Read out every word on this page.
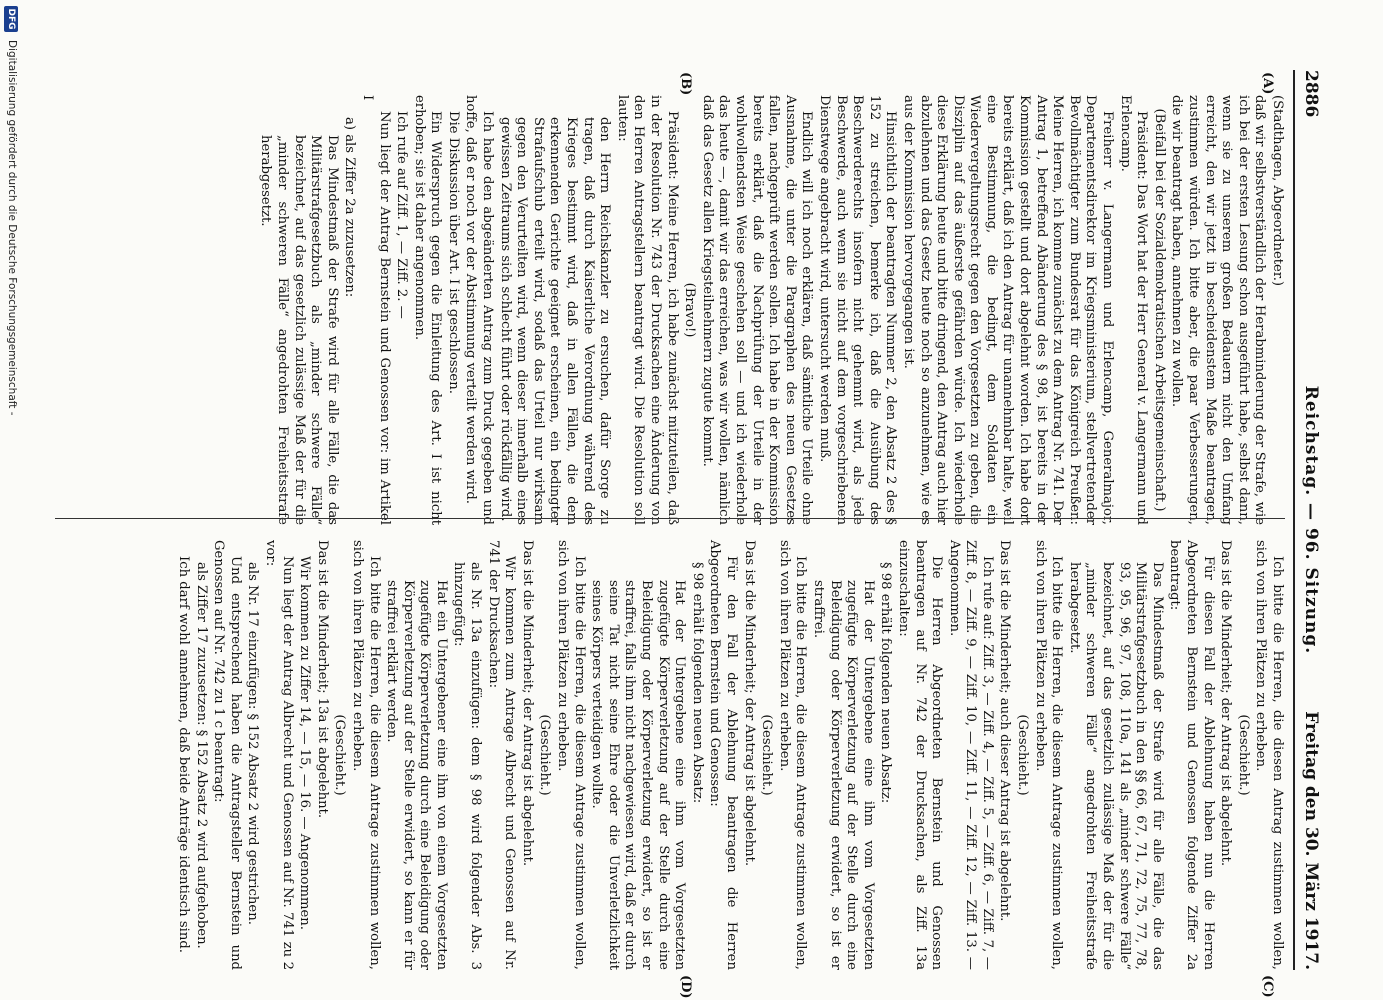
2886
Reichstag. — 96. Sitzung.
Freitag den 30. März 1917.
(A)
(B)
(C)
(D)

(Stadthagen, Abgeordneter.)

daß wir selbstverständlich der Herabminderung der Strafe, wie ich bei der ersten Lesung schon ausgeführt habe, selbst dann, wenn sie zu unserem großen Bedauern nicht den Umfang erreicht, den wir jetzt in bescheidenstem Maße beantragen, zustimmen würden. Ich bitte aber, die paar Verbesserungen, die wir beantragt haben, annehmen zu wollen.

(Beifall bei der Sozialdemokratischen Arbeitsgemeinschaft.)

Präsident: Das Wort hat der Herr General v. Langermann und Erlencamp.

Freiherr v. Langermann und Erlencamp, Generalmajor, Departementsdirektor im Kriegsministerium, stellvertretender Bevollmächtigter zum Bundesrat für das Königreich Preußen: Meine Herren, ich komme zunächst zu dem Antrag Nr. 741. Der Antrag 1, betreffend Abänderung des § 98, ist bereits in der Kommission gestellt und dort abgelehnt worden. Ich habe dort bereits erklärt, daß ich den Antrag für unannehmbar halte, weil eine Bestimmung, die bedingt, dem Soldaten ein Wiedervergeltungsrecht gegen den Vorgesetzten zu geben, die Disziplin auf das äußerste gefährden würde. Ich wiederhole diese Erklärung heute und bitte dringend, den Antrag auch hier abzulehnen und das Gesetz heute noch so anzunehmen, wie es aus der Kommission hervorgegangen ist.

Hinsichtlich der beantragten Nummer 2, den Absatz 2 des § 152 zu streichen, bemerke ich, daß die Ausübung des Beschwerderechts insofern nicht gehemmt wird, als jede Beschwerde, auch wenn sie nicht auf dem vorgeschriebenen Dienstwege angebracht wird, untersucht werden muß.

Endlich will ich noch erklären, daß sämtliche Urteile ohne Ausnahme, die unter die Paragraphen des neuen Gesetzes fallen, nachgeprüft werden sollen. Ich habe in der Kommission bereits erklärt, daß die Nachprüfung der Urteile in der wohlwollendsten Weise geschehen soll — und ich wiederhole das heute —, damit wir das erreichen, was wir wollen, nämlich daß das Gesetz allen Kriegsteilnehmern zugute kommt.

(Bravo!)

Präsident: Meine Herren, ich habe zunächst mitzuteilen, daß in der Resolution Nr. 743 der Drucksachen eine Änderung von den Herren Antragstellern beantragt wird. Die Resolution soll lauten:

den Herrn Reichskanzler zu ersuchen, dafür Sorge zu tragen, daß durch Kaiserliche Verordnung während des Krieges bestimmt wird, daß in allen Fällen, die dem erkennenden Gerichte geeignet erscheinen, ein bedingter Strafaufschub erteilt wird, sodaß das Urteil nur wirksam gegen den Verurteilten wird, wenn dieser innerhalb eines gewissen Zeitraums sich schlecht führt oder rückfällig wird.

Ich habe den abgeänderten Antrag zum Druck gegeben und hoffe, daß er noch vor der Abstimmung verteilt werden wird.

Die Diskussion über Art. I ist geschlossen.

Ein Widerspruch gegen die Einleitung des Art. I ist nicht erhoben; sie ist daher angenommen.

Ich rufe auf Ziff. 1, — Ziff. 2. —

Nun liegt der Antrag Bernstein und Genossen vor: im Artikel I

a) als Ziffer 2a zuzusetzen:

Das Mindestmaß der Strafe wird für alle Fälle, die das Militärstrafgesetzbuch als „minder schwere Fälle“ bezeichnet, auf das gesetzlich zulässige Maß der für die „minder schweren Fälle“ angedrohten Freiheitsstrafe herabgesetzt.

Ich bitte die Herren, die diesen Antrag zustimmen wollen, sich von ihren Plätzen zu erheben.

(Geschieht.)

Das ist die Minderheit; der Antrag ist abgelehnt.

Für diesen Fall der Ablehnung haben nun die Herren Abgeordneten Bernstein und Genossen folgende Ziffer 2a beantragt:

Das Mindestmaß der Strafe wird für alle Fälle, die das Militärstrafgesetzbuch in den §§ 66, 67, 71, 72, 75, 77, 78, 93, 95, 96, 97, 108, 110a, 141 als „minder schwere Fälle“ bezeichnet, auf das gesetzlich zulässige Maß der für die „minder schweren Fälle“ angedrohten Freiheitsstrafe herabgesetzt.

Ich bitte die Herren, die diesem Antrage zustimmen wollen, sich von ihren Plätzen zu erheben.

(Geschieht.)

Das ist die Minderheit; auch dieser Antrag ist abgelehnt.

Ich rufe auf: Ziff. 3, — Ziff. 4, — Ziff. 5, — Ziff. 6, — Ziff. 7, — Ziff. 8, — Ziff. 9, — Ziff. 10, — Ziff. 11, — Ziff. 12, — Ziff. 13. — Angenommen.

Die Herren Abgeordneten Bernstein und Genossen beantragen auf Nr. 742 der Drucksachen, als Ziff. 13a einzuschalten:

§ 98 erhält folgenden neuen Absatz:

Hat der Untergebene eine ihm vom Vorgesetzten zugefügte Körperverletzung auf der Stelle durch eine Beleidigung oder Körperverletzung erwidert, so ist er straffrei.

Ich bitte die Herren, die diesem Antrage zustimmen wollen, sich von ihren Plätzen zu erheben.

(Geschieht.)

Das ist die Minderheit; der Antrag ist abgelehnt.

Für den Fall der Ablehnung beantragen die Herren Abgeordneten Bernstein und Genossen:

§ 98 erhält folgenden neuen Absatz:

Hat der Untergebene eine ihm vom Vorgesetzten zugefügte Körperverletzung auf der Stelle durch eine Beleidigung oder Körperverletzung erwidert, so ist er straffrei, falls ihm nicht nachgewiesen wird, daß er durch seine Tat nicht seine Ehre oder die Unverletzlichkeit seines Körpers verteidigen wollte.

Ich bitte die Herren, die diesem Antrage zustimmen wollen, sich von ihren Plätzen zu erheben.

(Geschieht.)

Das ist die Minderheit; der Antrag ist abgelehnt.

Wir kommen zum Antrage Albrecht und Genossen auf Nr. 741 der Drucksachen:

als Nr. 13a einzufügen: dem § 98 wird folgender Abs. 3 hinzugefügt:

Hat ein Untergebener eine ihm von einem Vorgesetzten zugefügte Körperverletzung durch eine Beleidigung oder Körperverletzung auf der Stelle erwidert, so kann er für straffrei erklärt werden.

Ich bitte die Herren, die diesem Antrage zustimmen wollen, sich von ihren Plätzen zu erheben.

(Geschieht.)

Das ist die Minderheit; 13a ist abgelehnt.

Wir kommen zu Ziffer 14, — 15, — 16. — Angenommen.

Nun liegt der Antrag Albrecht und Genossen auf Nr. 741 zu 2 vor:

als Nr. 17 einzufügen: § 152 Absatz 2 wird gestrichen.

Und entsprechend haben die Antragsteller Bernstein und Genossen auf Nr. 742 zu 1 c beantragt:

als Ziffer 17 zuzusetzen: § 152 Absatz 2 wird aufgehoben.

Ich darf wohl annehmen, daß beide Anträge identisch sind.

DFG
Digitalisierung gefördert durch die Deutsche Forschungsgemeinschaft -
